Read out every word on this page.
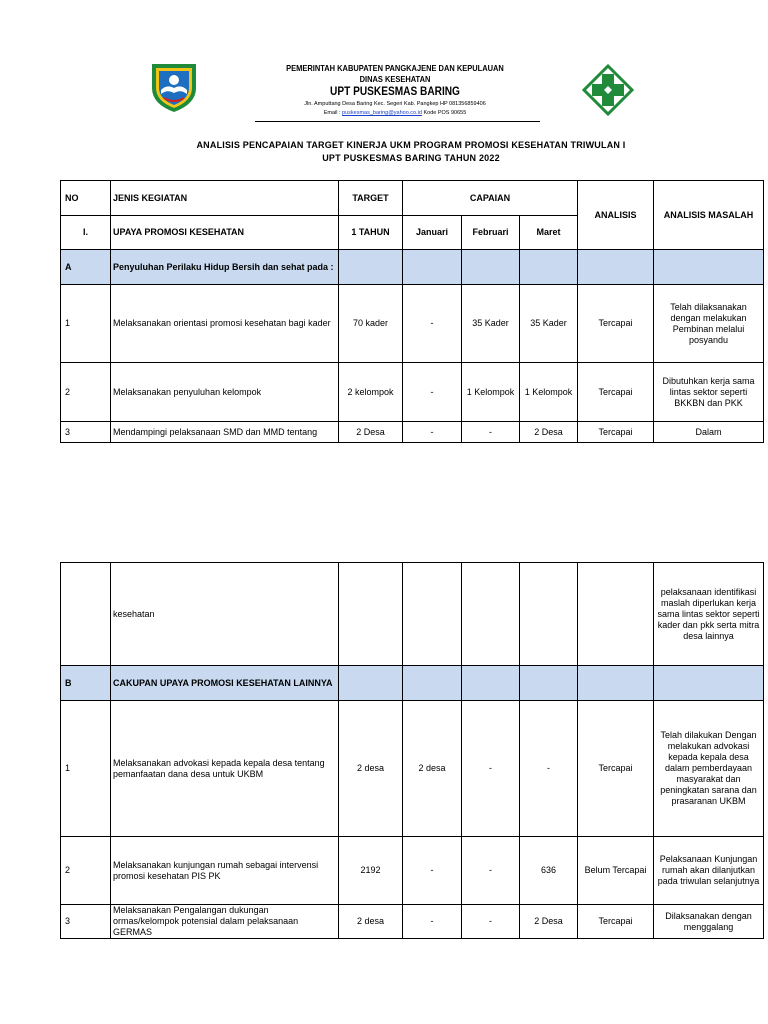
PEMERINTAH KABUPATEN PANGKAJENE DAN KEPULAUAN
DINAS KESEHATAN
UPT PUSKESMAS BARING
Jln. Amputtang Desa Baring Kec. Segeri Kab. Pangkep HP 081356859406
Email : puskesmas_baring@yahoo.co.id Kode POS 90655
ANALISIS PENCAPAIAN TARGET KINERJA UKM PROGRAM PROMOSI KESEHATAN TRIWULAN I
UPT PUSKESMAS BARING TAHUN 2022
NO	JENIS KEGIATAN	TARGET	CAPAIAN			ANALISIS	ANALISIS MASALAH
I.	UPAYA PROMOSI KESEHATAN	1 TAHUN	Januari	Februari	Maret		
A	Penyuluhan Perilaku Hidup Bersih dan sehat pada :						
1	Melaksanakan orientasi promosi kesehatan bagi kader	70 kader	-	35 Kader	35 Kader	Tercapai	Telah dilaksanakan dengan melakukan Pembinan melalui posyandu
2	Melaksanakan penyuluhan kelompok	2 kelompok	-	1 Kelompok	1 Kelompok	Tercapai	Dibutuhkan kerja sama lintas sektor seperti BKKBN dan PKK
3	Mendampingi pelaksanaan SMD dan MMD tentang	2 Desa	-	-	2 Desa	Tercapai	Dalam
	kesehatan						pelaksanaan identifikasi maslah diperlukan kerja sama lintas sektor seperti kader dan pkk serta mitra desa lainnya
B	CAKUPAN UPAYA PROMOSI KESEHATAN LAINNYA						
1	Melaksanakan advokasi kepada kepala desa tentang pemanfaatan dana desa untuk UKBM	2 desa	2 desa	-	-	Tercapai	Telah dilakukan Dengan melakukan advokasi kepada kepala desa dalam pemberdayaan masyarakat dan peningkatan sarana dan prasaranan UKBM
2	Melaksanakan kunjungan rumah sebagai intervensi promosi kesehatan PIS PK	2192	-	-	636	Belum Tercapai	Pelaksanaan Kunjungan rumah akan dilanjutkan pada triwulan selanjutnya
3	Melaksanakan Pengalangan dukungan ormas/kelompok potensial dalam pelaksanaan GERMAS	2 desa	-	-	2 Desa	Tercapai	Dilaksanakan dengan menggalang
